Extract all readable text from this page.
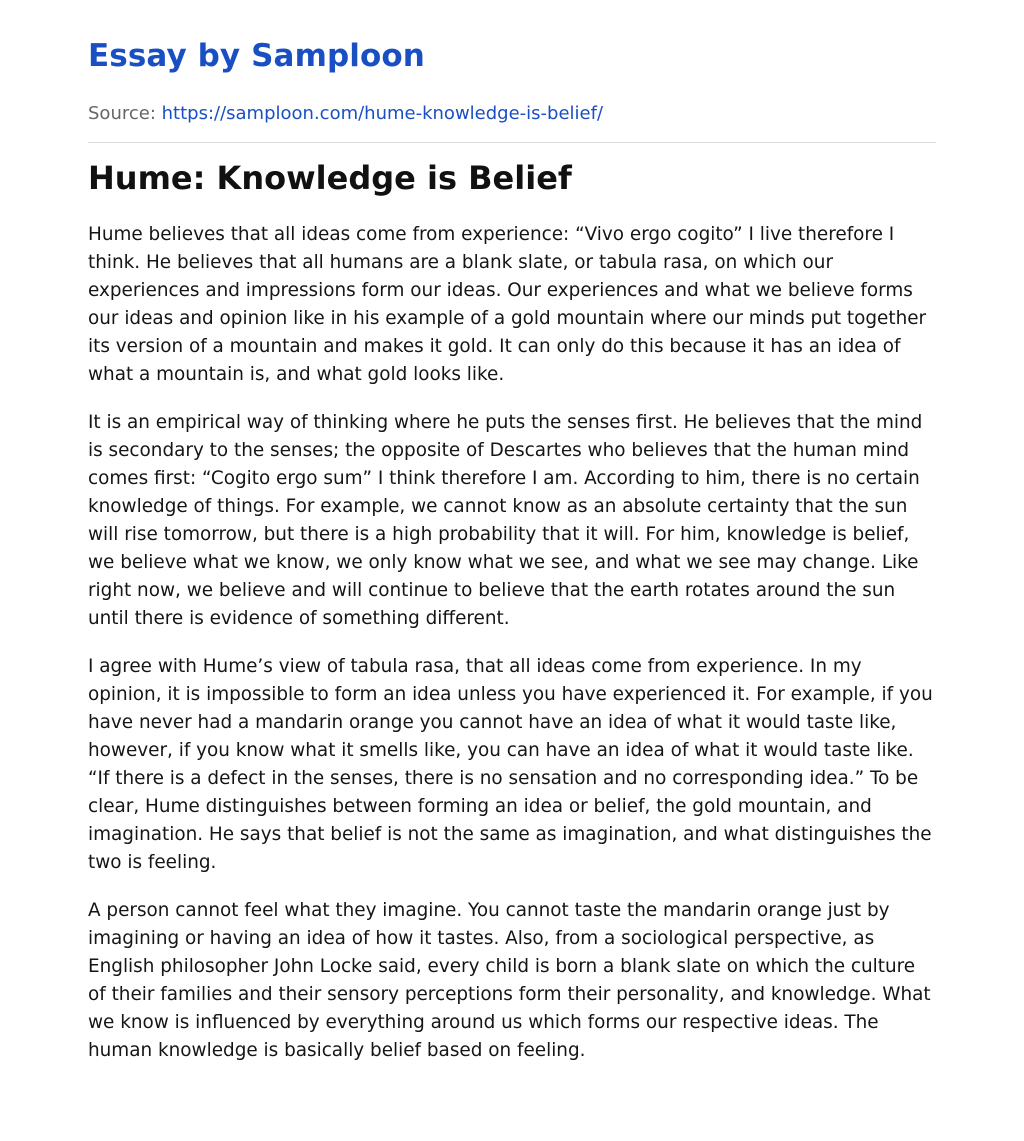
Essay by Samploon
Source: https://samploon.com/hume-knowledge-is-belief/
Hume: Knowledge is Belief

Hume believes that all ideas come from experience: “Vivo ergo cogito” I live therefore I think. He believes that all humans are a blank slate, or tabula rasa, on which our experiences and impressions form our ideas. Our experiences and what we believe forms our ideas and opinion like in his example of a gold mountain where our minds put together its version of a mountain and makes it gold. It can only do this because it has an idea of what a mountain is, and what gold looks like.

It is an empirical way of thinking where he puts the senses first. He believes that the mind is secondary to the senses; the opposite of Descartes who believes that the human mind comes first: “Cogito ergo sum” I think therefore I am. According to him, there is no certain knowledge of things. For example, we cannot know as an absolute certainty that the sun will rise tomorrow, but there is a high probability that it will. For him, knowledge is belief, we believe what we know, we only know what we see, and what we see may change. Like right now, we believe and will continue to believe that the earth rotates around the sun until there is evidence of something different.

I agree with Hume’s view of tabula rasa, that all ideas come from experience. In my opinion, it is impossible to form an idea unless you have experienced it. For example, if you have never had a mandarin orange you cannot have an idea of what it would taste like, however, if you know what it smells like, you can have an idea of what it would taste like. “If there is a defect in the senses, there is no sensation and no corresponding idea.” To be clear, Hume distinguishes between forming an idea or belief, the gold mountain, and imagination. He says that belief is not the same as imagination, and what distinguishes the two is feeling.

A person cannot feel what they imagine. You cannot taste the mandarin orange just by imagining or having an idea of how it tastes. Also, from a sociological perspective, as English philosopher John Locke said, every child is born a blank slate on which the culture of their families and their sensory perceptions form their personality, and knowledge. What we know is influenced by everything around us which forms our respective ideas. The human knowledge is basically belief based on feeling.
